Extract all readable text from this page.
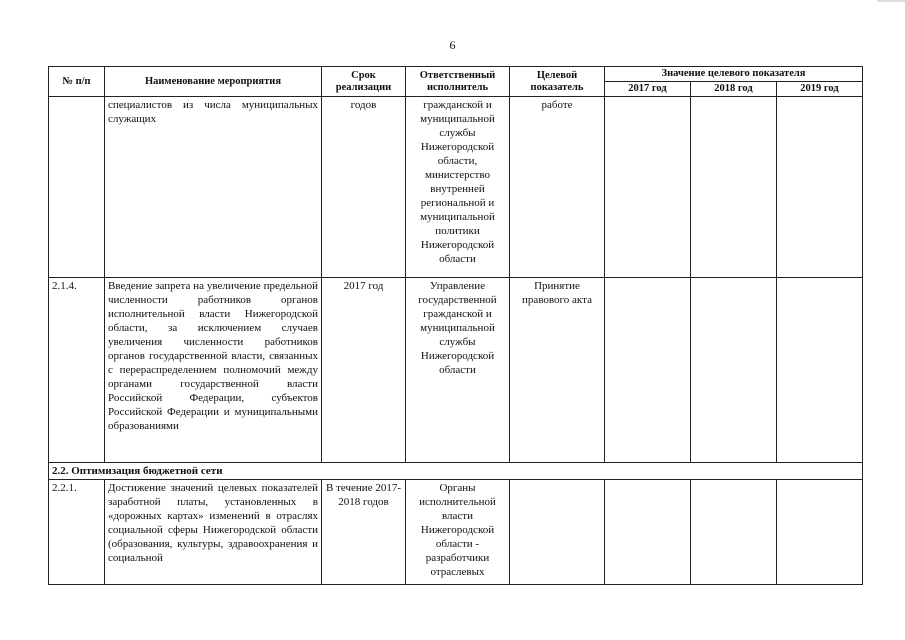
6
№ п/п	Наименование мероприятия	Срок реализации	Ответственный исполнитель	Целевой показатель	Значение целевого показателя		
					2017 год	2018 год	2019 год
	специалистов из числа муниципальных служащих	годов	гражданской и муниципальной службы Нижегородской области, министерство внутренней региональной и муниципальной политики Нижегородской области	работе			
2.1.4.	Введение запрета на увеличение предельной численности работников органов исполнительной власти Нижегородской области, за исключением случаев увеличения численности работников органов государственной власти, связанных с перераспределением полномочий между органами государственной власти Российской Федерации, субъектов Российской Федерации и муниципальными образованиями	2017 год	Управление государственной гражданской и муниципальной службы Нижегородской области	Принятие правового акта			
2.2. Оптимизация бюджетной сети							
2.2.1.	Достижение значений целевых показателей заработной платы, установленных в «дорожных картах» изменений в отраслях социальной сферы Нижегородской области (образования, культуры, здравоохранения и социальной	В течение 2017-2018 годов	Органы исполнительной власти Нижегородской области - разработчики отраслевых				
